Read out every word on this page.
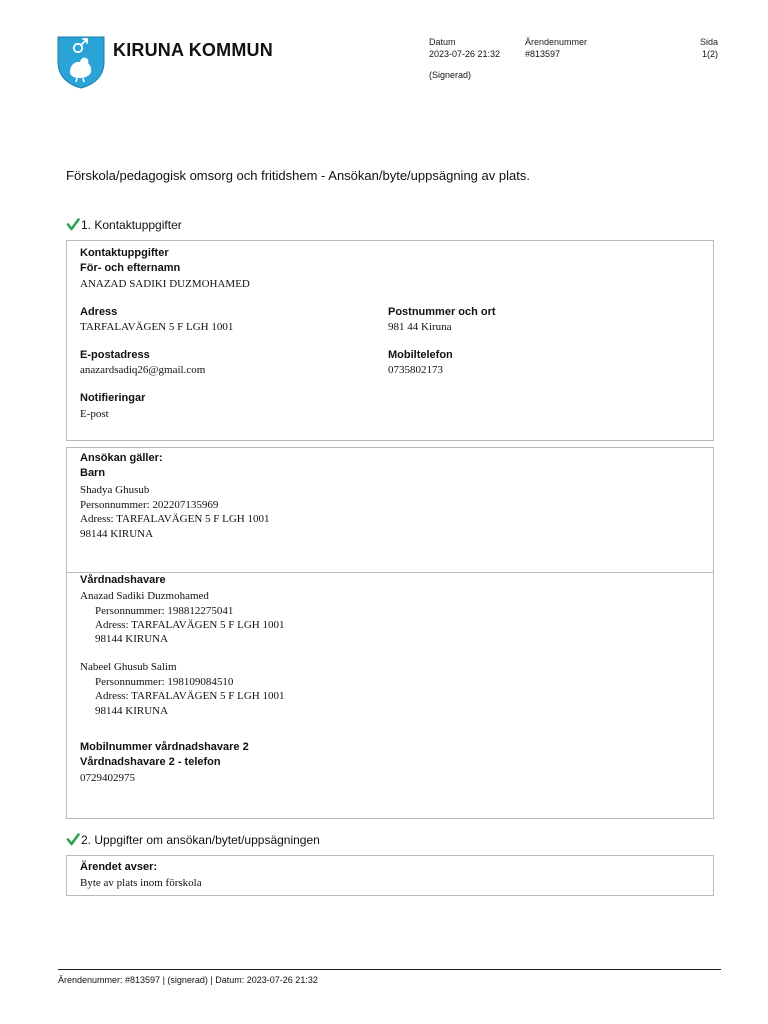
KIRUNA KOMMUN	Datum
2023-07-26 21:32
Ärendenummer
#813597
Sida
1(2)
(Signerad)
Förskola/pedagogisk omsorg och fritidshem - Ansökan/byte/uppsägning av plats.
1. Kontaktuppgifter
Kontaktuppgifter
För- och efternamn
ANAZAD SADIKI DUZMOHAMED
Adress
TARFALAVÄGEN 5 F LGH 1001
Postnummer och ort
981 44 Kiruna
E-postadress
anazardsadiq26@gmail.com
Mobiltelefon
0735802173
Notifieringar
E-post
Ansökan gäller:
Barn
Shadya Ghusub
Personnummer: 202207135969
Adress: TARFALAVÄGEN 5 F LGH 1001
98144 KIRUNA
Vårdnadshavare
Anazad Sadiki Duzmohamed
Personnummer: 198812275041
Adress: TARFALAVÄGEN 5 F LGH 1001
98144 KIRUNA
Nabeel Ghusub Salim
Personnummer: 198109084510
Adress: TARFALAVÄGEN 5 F LGH 1001
98144 KIRUNA
Mobilnummer vårdnadshavare 2
Vårdnadshavare 2 - telefon
0729402975
2. Uppgifter om ansökan/bytet/uppsägningen
Ärendet avser:
Byte av plats inom förskola
Ärendenummer: #813597 | (signerad) | Datum: 2023-07-26 21:32
